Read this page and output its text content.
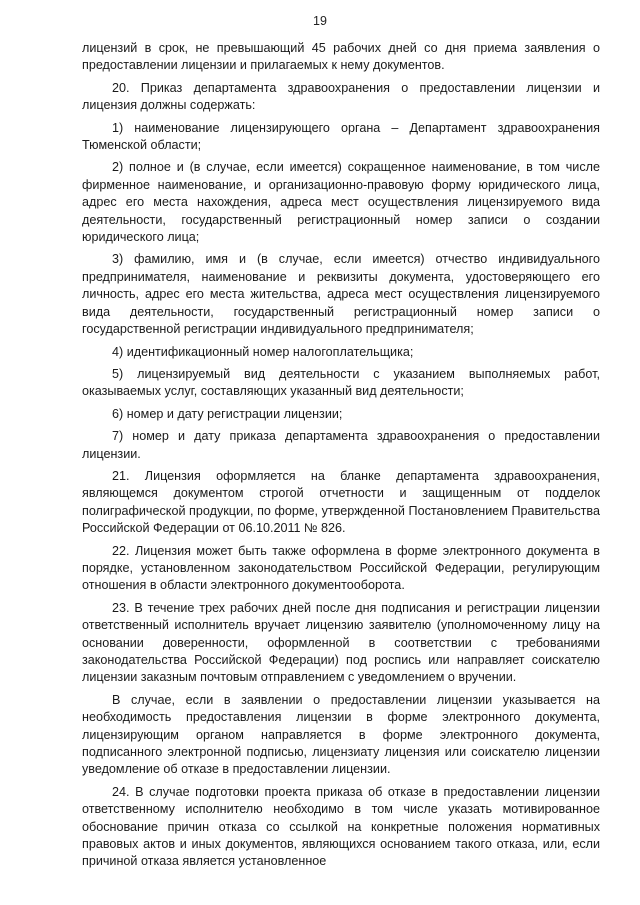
19

лицензий в срок, не превышающий 45 рабочих дней со дня приема заявления о предоставлении лицензии и прилагаемых к нему документов.

20. Приказ департамента здравоохранения о предоставлении лицензии и лицензия должны содержать:

1) наименование лицензирующего органа – Департамент здравоохранения Тюменской области;

2) полное и (в случае, если имеется) сокращенное наименование, в том числе фирменное наименование, и организационно-правовую форму юридического лица, адрес его места нахождения, адреса мест осуществления лицензируемого вида деятельности, государственный регистрационный номер записи о создании юридического лица;

3) фамилию, имя и (в случае, если имеется) отчество индивидуального предпринимателя, наименование и реквизиты документа, удостоверяющего его личность, адрес его места жительства, адреса мест осуществления лицензируемого вида деятельности, государственный регистрационный номер записи о государственной регистрации индивидуального предпринимателя;

4) идентификационный номер налогоплательщика;

5) лицензируемый вид деятельности с указанием выполняемых работ, оказываемых услуг, составляющих указанный вид деятельности;

6) номер и дату регистрации лицензии;

7) номер и дату приказа департамента здравоохранения о предоставлении лицензии.

21. Лицензия оформляется на бланке департамента здравоохранения, являющемся документом строгой отчетности и защищенным от подделок полиграфической продукции, по форме, утвержденной Постановлением Правительства Российской Федерации от 06.10.2011 № 826.

22. Лицензия может быть также оформлена в форме электронного документа в порядке, установленном законодательством Российской Федерации, регулирующим отношения в области электронного документооборота.

23. В течение трех рабочих дней после дня подписания и регистрации лицензии ответственный исполнитель вручает лицензию заявителю (уполномоченному лицу на основании доверенности, оформленной в соответствии с требованиями законодательства Российской Федерации) под роспись или направляет соискателю лицензии заказным почтовым отправлением с уведомлением о вручении.

В случае, если в заявлении о предоставлении лицензии указывается на необходимость предоставления лицензии в форме электронного документа, лицензирующим органом направляется в форме электронного документа, подписанного электронной подписью, лицензиату лицензия или соискателю лицензии уведомление об отказе в предоставлении лицензии.

24. В случае подготовки проекта приказа об отказе в предоставлении лицензии ответственному исполнителю необходимо в том числе указать мотивированное обоснование причин отказа со ссылкой на конкретные положения нормативных правовых актов и иных документов, являющихся основанием такого отказа, или, если причиной отказа является установленное
